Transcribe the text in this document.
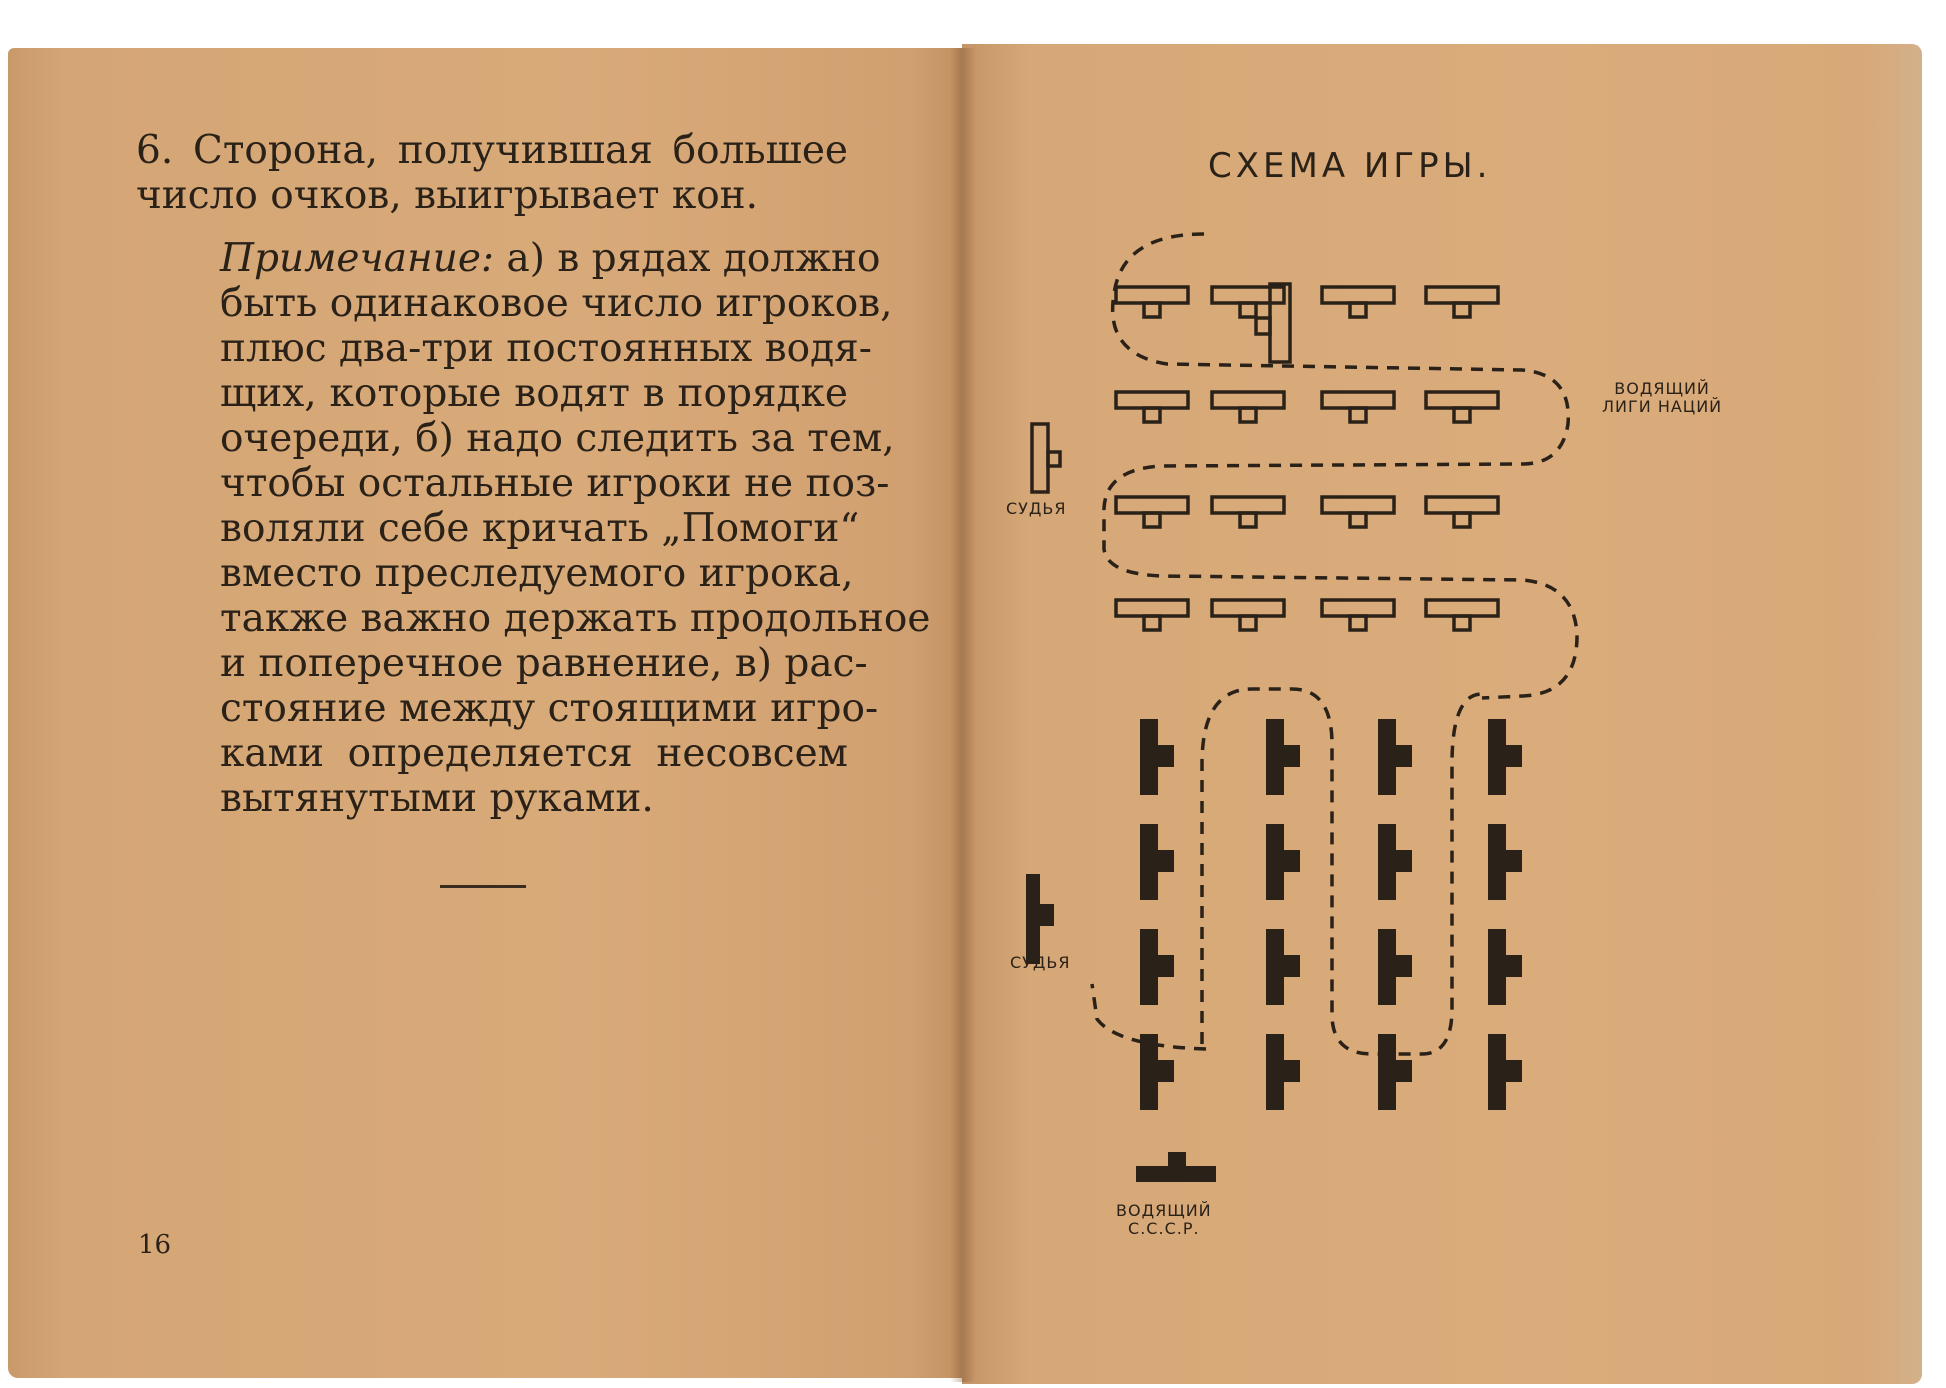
6. Сторона, получившая большее
число очков, выигрывает кон.
Примечание: а) в рядах должно
быть одинаковое число игроков,
плюс два-три постоянных водя-
щих, которые водят в порядке
очереди, б) надо следить за тем,
чтобы остальные игроки не поз-
воляли себе кричать „Помоги“
вместо преследуемого игрока,
также важно держать продольное
и поперечное равнение, в) рас-
стояние между стоящими игро-
ками определяется несовсем
вытянутыми руками.
16
СХЕМА ИГРЫ.
ВОДЯЩИЙ
ЛИГИ НАЦИЙ
СУДЬЯ
СУДЬЯ
ВОДЯЩИЙ
С.С.С.Р.
